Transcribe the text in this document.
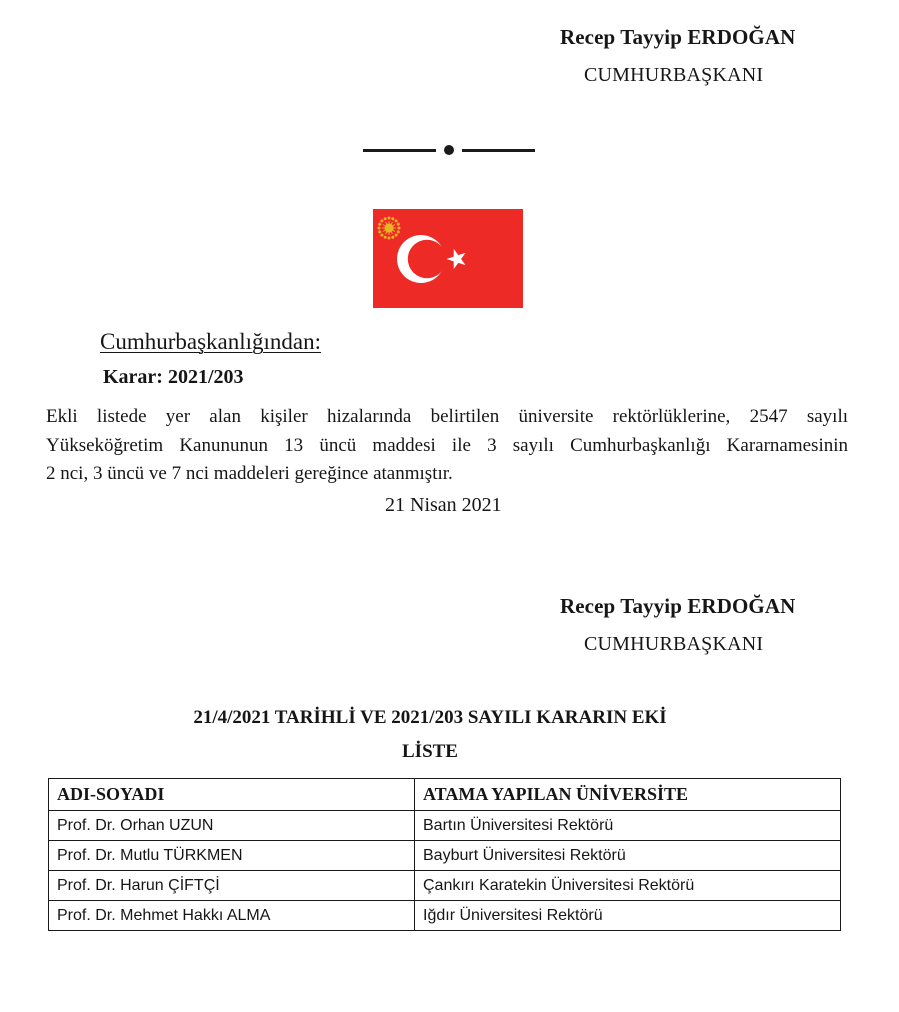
Recep Tayyip ERDOĞAN
CUMHURBAŞKANI
Cumhurbaşkanlığından:
Karar: 2021/203
Ekli listede yer alan kişiler hizalarında belirtilen üniversite rektörlüklerine, 2547 sayılı
Yükseköğretim Kanununun 13 üncü maddesi ile 3 sayılı Cumhurbaşkanlığı Kararnamesinin
2 nci, 3 üncü ve 7 nci maddeleri gereğince atanmıştır.
21 Nisan 2021
Recep Tayyip ERDOĞAN
CUMHURBAŞKANI
21/4/2021 TARİHLİ VE 2021/203 SAYILI KARARIN EKİ
LİSTE
ADI-SOYADI	ATAMA YAPILAN ÜNİVERSİTE
Prof. Dr. Orhan UZUN	Bartın Üniversitesi Rektörü
Prof. Dr. Mutlu TÜRKMEN	Bayburt Üniversitesi Rektörü
Prof. Dr. Harun ÇİFTÇİ	Çankırı Karatekin Üniversitesi Rektörü
Prof. Dr. Mehmet Hakkı ALMA	Iğdır Üniversitesi Rektörü
